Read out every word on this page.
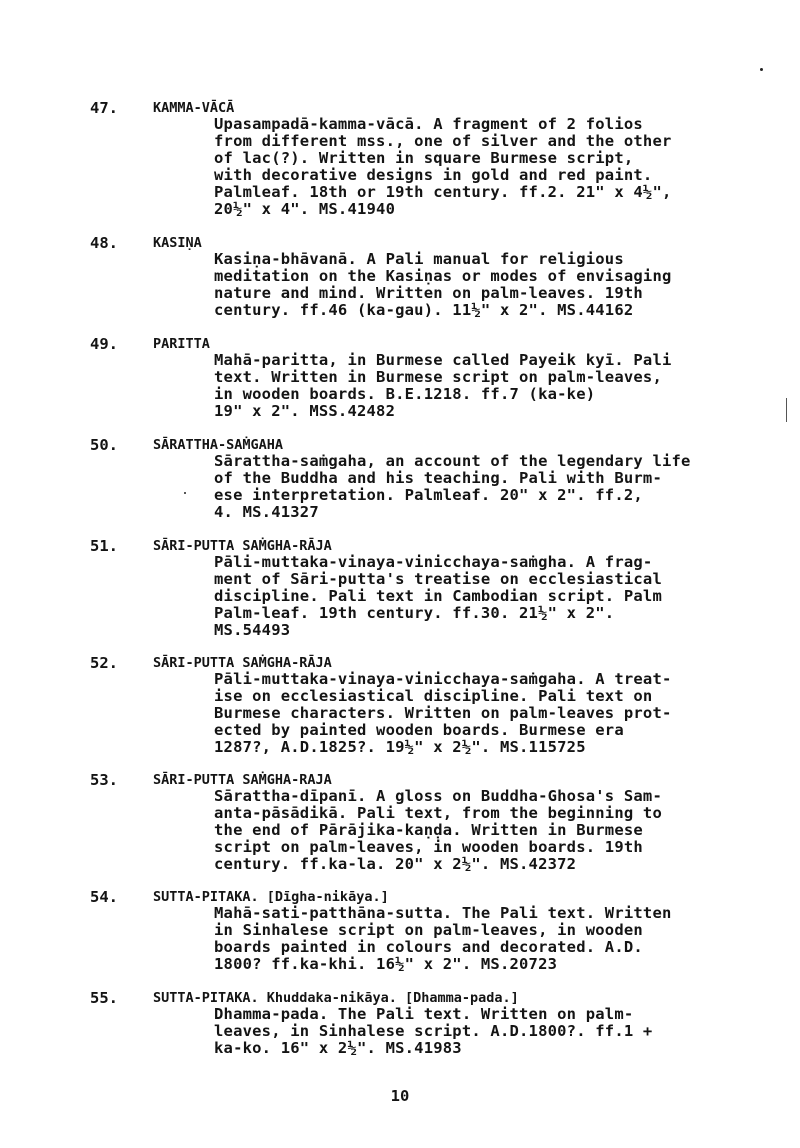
47.	KAMMA-VĀCĀ
Upasampadā-kamma-vācā. A fragment of 2 folios
from different mss., one of silver and the other
of lac(?). Written in square Burmese script,
with decorative designs in gold and red paint.
Palmleaf. 18th or 19th century. ff.2. 21" x 4½",
20½" x 4". MS.41940
48.	KASIṆA
Kasiṇa-bhāvanā. A Pali manual for religious
meditation on the Kasiṇas or modes of envisaging
nature and mind. Written on palm-leaves. 19th
century. ff.46 (ka-gau). 11½" x 2". MS.44162
49.	PARITTA
Mahā-paritta, in Burmese called Payeik kyī. Pali
text. Written in Burmese script on palm-leaves,
in wooden boards. B.E.1218. ff.7 (ka-ke)
19" x 2". MSS.42482
50.	SĀRATTHA-SAṀGAHA
Sārattha-saṁgaha, an account of the legendary life
of the Buddha and his teaching. Pali with Burm-
ese interpretation. Palmleaf. 20" x 2". ff.2,
4. MS.41327
51.	SĀRI-PUTTA SAṀGHA-RĀJA
Pāli-muttaka-vinaya-vinicchaya-saṁgha. A frag-
ment of Sāri-putta's treatise on ecclesiastical
discipline. Pali text in Cambodian script. Palm
Palm-leaf. 19th century. ff.30. 21½" x 2".
MS.54493
52.	SĀRI-PUTTA SAṀGHA-RĀJA
Pāli-muttaka-vinaya-vinicchaya-saṁgaha. A treat-
ise on ecclesiastical discipline. Pali text on
Burmese characters. Written on palm-leaves prot-
ected by painted wooden boards. Burmese era
1287?, A.D.1825?. 19½" x 2½". MS.115725
53.	SĀRI-PUTTA SAṀGHA-RAJA
Sārattha-dīpanī. A gloss on Buddha-Ghosa's Sam-
anta-pāsādikā. Pali text, from the beginning to
the end of Pārājika-kaṇḍa. Written in Burmese
script on palm-leaves, in wooden boards. 19th
century. ff.ka-la. 20" x 2½". MS.42372
54.	SUTTA-PITAKA. [Dīgha-nikāya.]
Mahā-sati-patthāna-sutta. The Pali text. Written
in Sinhalese script on palm-leaves, in wooden
boards painted in colours and decorated. A.D.
1800? ff.ka-khi. 16½" x 2". MS.20723
55.	SUTTA-PITAKA. Khuddaka-nikāya. [Dhamma-pada.]
Dhamma-pada. The Pali text. Written on palm-
leaves, in Sinhalese script. A.D.1800?. ff.1 +
ka-ko. 16" x 2½". MS.41983
10
